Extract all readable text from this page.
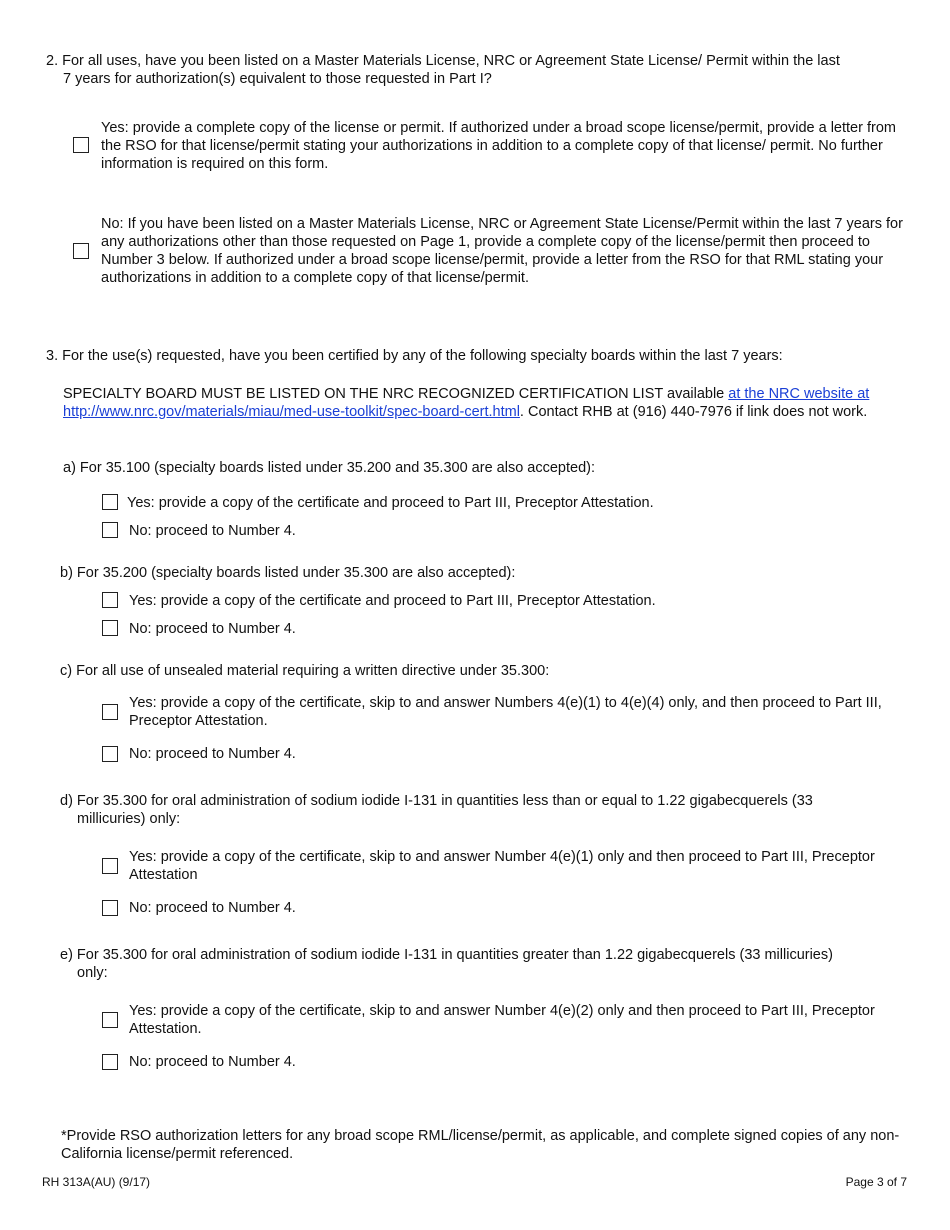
2. For all uses, have you been listed on a Master Materials License, NRC or Agreement State License/ Permit within the last
7 years for authorization(s) equivalent to those requested in Part I?
Yes: provide a complete copy of the license or permit. If authorized under a broad scope license/permit, provide a letter from the RSO for that license/permit stating your authorizations in addition to a complete copy of that license/ permit. No further information is required on this form.
No: If you have been listed on a Master Materials License, NRC or Agreement State License/Permit within the last 7 years for any authorizations other than those requested on Page 1, provide a complete copy of the license/permit then proceed to Number 3 below. If authorized under a broad scope license/permit, provide a letter from the RSO for that RML stating your authorizations in addition to a complete copy of that license/permit.
3. For the use(s) requested, have you been certified by any of the following specialty boards within the last 7 years:
SPECIALTY BOARD MUST BE LISTED ON THE NRC RECOGNIZED CERTIFICATION LIST available at the NRC website at http://www.nrc.gov/materials/miau/med-use-toolkit/spec-board-cert.html. Contact RHB at (916) 440-7976 if link does not work.
a) For 35.100 (specialty boards listed under 35.200 and 35.300 are also accepted):
Yes: provide a copy of the certificate and proceed to Part III, Preceptor Attestation.
No: proceed to Number 4.
b) For 35.200 (specialty boards listed under 35.300 are also accepted):
Yes: provide a copy of the certificate and proceed to Part III, Preceptor Attestation.
No: proceed to Number 4.
c) For all use of unsealed material requiring a written directive under 35.300:
Yes: provide a copy of the certificate, skip to and answer Numbers 4(e)(1) to 4(e)(4) only, and then proceed to Part III, Preceptor Attestation.
No: proceed to Number 4.
d) For 35.300 for oral administration of sodium iodide I-131 in quantities less than or equal to 1.22 gigabecquerels (33
millicuries) only:
Yes: provide a copy of the certificate, skip to and answer Number 4(e)(1) only and then proceed to Part III, Preceptor Attestation
No: proceed to Number 4.
e) For 35.300 for oral administration of sodium iodide I-131 in quantities greater than 1.22 gigabecquerels (33 millicuries)
only:
Yes: provide a copy of the certificate, skip to and answer Number 4(e)(2) only and then proceed to Part III, Preceptor Attestation.
No: proceed to Number 4.
*Provide RSO authorization letters for any broad scope RML/license/permit, as applicable, and complete signed copies of any non-California license/permit referenced.
RH 313A(AU) (9/17)	Page 3 of 7
